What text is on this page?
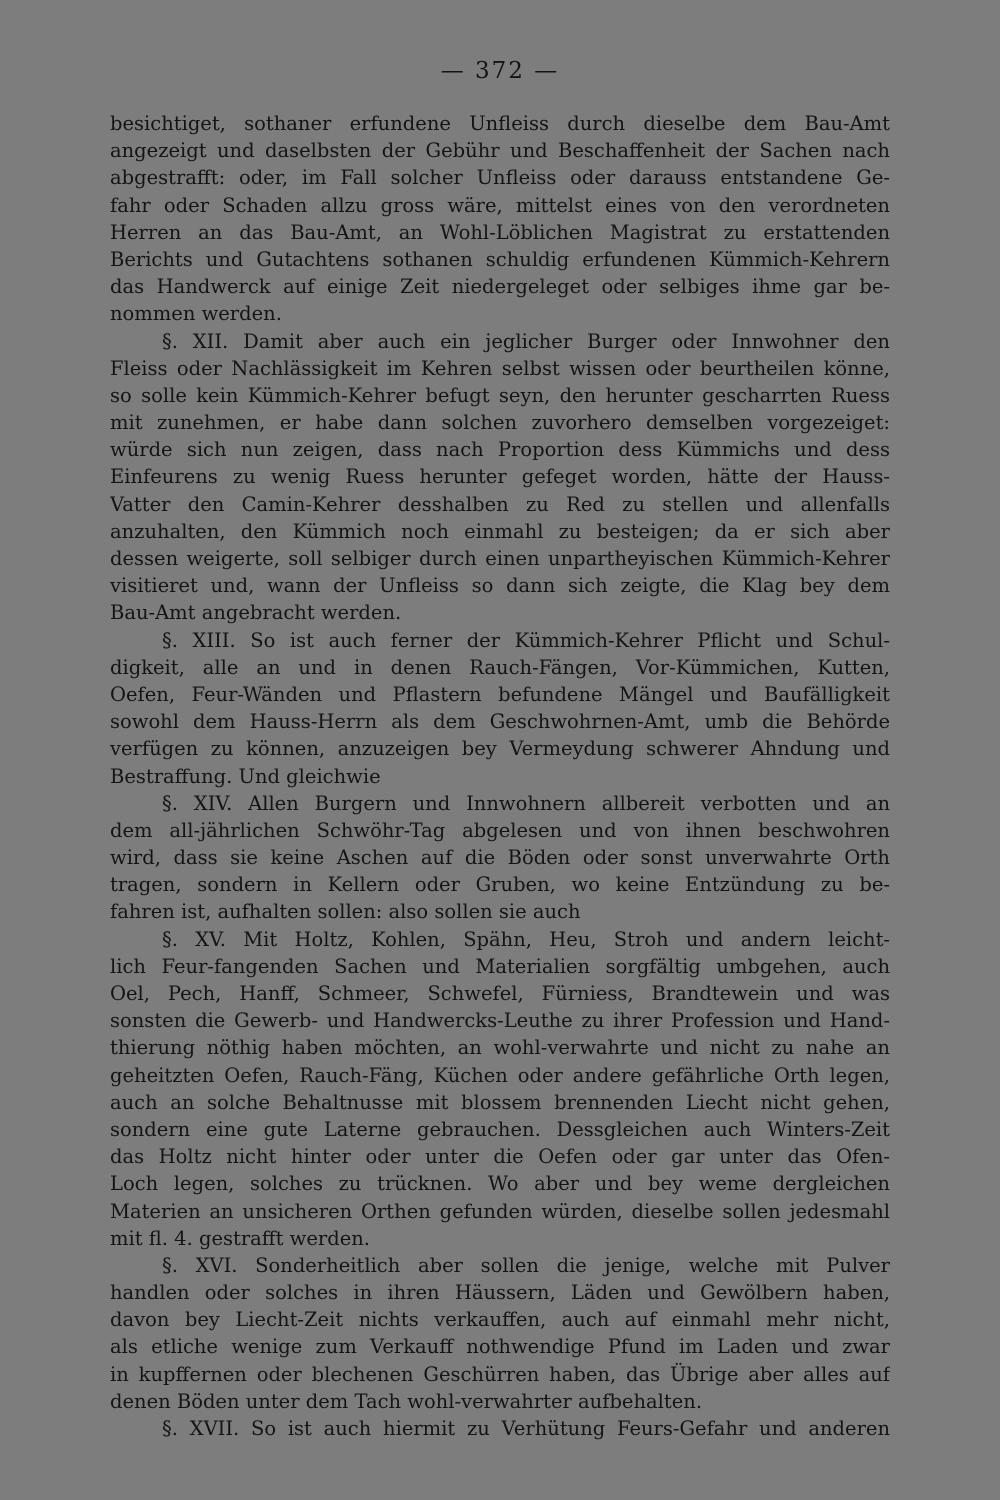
— 372 —
besichtiget, sothaner erfundene Unfleiss durch dieselbe dem Bau-Amt
angezeigt und daselbsten der Gebühr und Beschaffenheit der Sachen nach
abgestrafft: oder, im Fall solcher Unfleiss oder darauss entstandene Ge-
fahr oder Schaden allzu gross wäre, mittelst eines von den verordneten
Herren an das Bau-Amt, an Wohl-Löblichen Magistrat zu erstattenden
Berichts und Gutachtens sothanen schuldig erfundenen Kümmich-Kehrern
das Handwerck auf einige Zeit niedergeleget oder selbiges ihme gar be-
nommen werden.
§. XII. Damit aber auch ein jeglicher Burger oder Innwohner den
Fleiss oder Nachlässigkeit im Kehren selbst wissen oder beurtheilen könne,
so solle kein Kümmich-Kehrer befugt seyn, den herunter gescharrten Ruess
mit zunehmen, er habe dann solchen zuvorhero demselben vorgezeiget:
würde sich nun zeigen, dass nach Proportion dess Kümmichs und dess
Einfeurens zu wenig Ruess herunter gefeget worden, hätte der Hauss-
Vatter den Camin-Kehrer desshalben zu Red zu stellen und allenfalls
anzuhalten, den Kümmich noch einmahl zu besteigen; da er sich aber
dessen weigerte, soll selbiger durch einen unpartheyischen Kümmich-Kehrer
visitieret und, wann der Unfleiss so dann sich zeigte, die Klag bey dem
Bau-Amt angebracht werden.
§. XIII. So ist auch ferner der Kümmich-Kehrer Pflicht und Schul-
digkeit, alle an und in denen Rauch-Fängen, Vor-Kümmichen, Kutten,
Oefen, Feur-Wänden und Pflastern befundene Mängel und Baufälligkeit
sowohl dem Hauss-Herrn als dem Geschwohrnen-Amt, umb die Behörde
verfügen zu können, anzuzeigen bey Vermeydung schwerer Ahndung und
Bestraffung. Und gleichwie
§. XIV. Allen Burgern und Innwohnern allbereit verbotten und an
dem all-jährlichen Schwöhr-Tag abgelesen und von ihnen beschwohren
wird, dass sie keine Aschen auf die Böden oder sonst unverwahrte Orth
tragen, sondern in Kellern oder Gruben, wo keine Entzündung zu be-
fahren ist, aufhalten sollen: also sollen sie auch
§. XV. Mit Holtz, Kohlen, Spähn, Heu, Stroh und andern leicht-
lich Feur-fangenden Sachen und Materialien sorgfältig umbgehen, auch
Oel, Pech, Hanff, Schmeer, Schwefel, Fürniess, Brandtewein und was
sonsten die Gewerb- und Handwercks-Leuthe zu ihrer Profession und Hand-
thierung nöthig haben möchten, an wohl-verwahrte und nicht zu nahe an
geheitzten Oefen, Rauch-Fäng, Küchen oder andere gefährliche Orth legen,
auch an solche Behaltnusse mit blossem brennenden Liecht nicht gehen,
sondern eine gute Laterne gebrauchen. Dessgleichen auch Winters-Zeit
das Holtz nicht hinter oder unter die Oefen oder gar unter das Ofen-
Loch legen, solches zu trücknen. Wo aber und bey weme dergleichen
Materien an unsicheren Orthen gefunden würden, dieselbe sollen jedesmahl
mit fl. 4. gestrafft werden.
§. XVI. Sonderheitlich aber sollen die jenige, welche mit Pulver
handlen oder solches in ihren Häussern, Läden und Gewölbern haben,
davon bey Liecht-Zeit nichts verkauffen, auch auf einmahl mehr nicht,
als etliche wenige zum Verkauff nothwendige Pfund im Laden und zwar
in kupffernen oder blechenen Geschürren haben, das Übrige aber alles auf
denen Böden unter dem Tach wohl-verwahrter aufbehalten.
§. XVII. So ist auch hiermit zu Verhütung Feurs-Gefahr und anderen
